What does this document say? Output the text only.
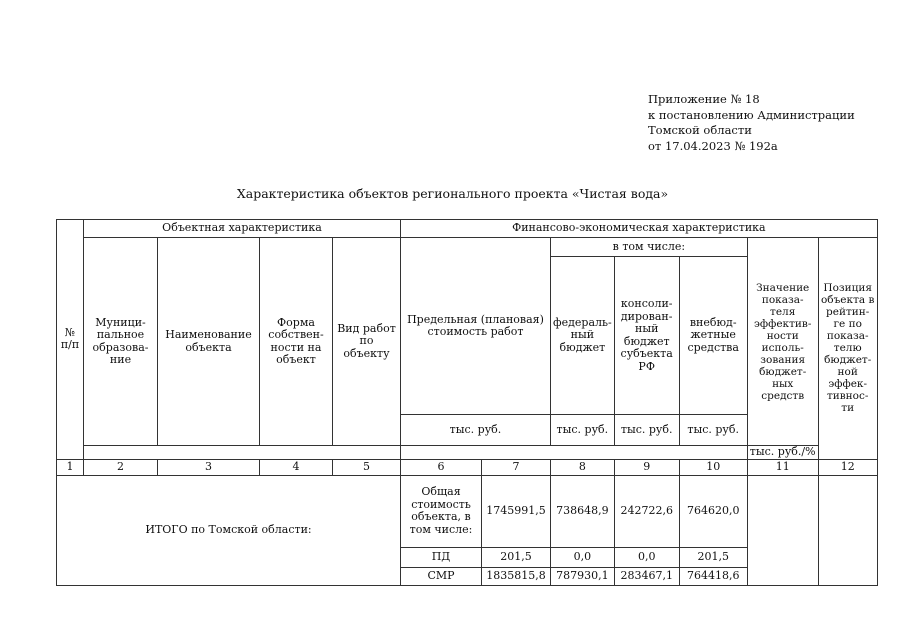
Приложение № 18
к постановлению Администрации
Томской области
от 17.04.2023 № 192а
Характеристика объектов регионального проекта «Чистая вода»
№ п/п	Объектная характеристика				Финансово-экономическая характеристика						
	Муници-пальное образова-ние	Наименование объекта	Форма собствен-ности на объект	Вид работ по объекту	Предельная (плановая) стоимость работ		в том числе:			Значение показа-теля эффектив-ности исполь-зования бюджет-ных средств	Позиция объекта в рейтин-ге по показа-телю бюджет-ной эффек-тивнос-ти
							федераль-ный бюджет	консоли-дирован-ный бюджет субъекта РФ	внебюд-жетные средства		
					тыс. руб.		тыс. руб.	тыс. руб.	тыс. руб.		
										тыс. руб./%	
1	2	3	4	5	6	7	8	9	10	11	12
ИТОГО по Томской области:					Общая стоимость объекта, в том числе:	1745991,5	738648,9	242722,6	764620,0		
					ПД	201,5	0,0	0,0	201,5		
					СМР	1835815,8	787930,1	283467,1	764418,6		
